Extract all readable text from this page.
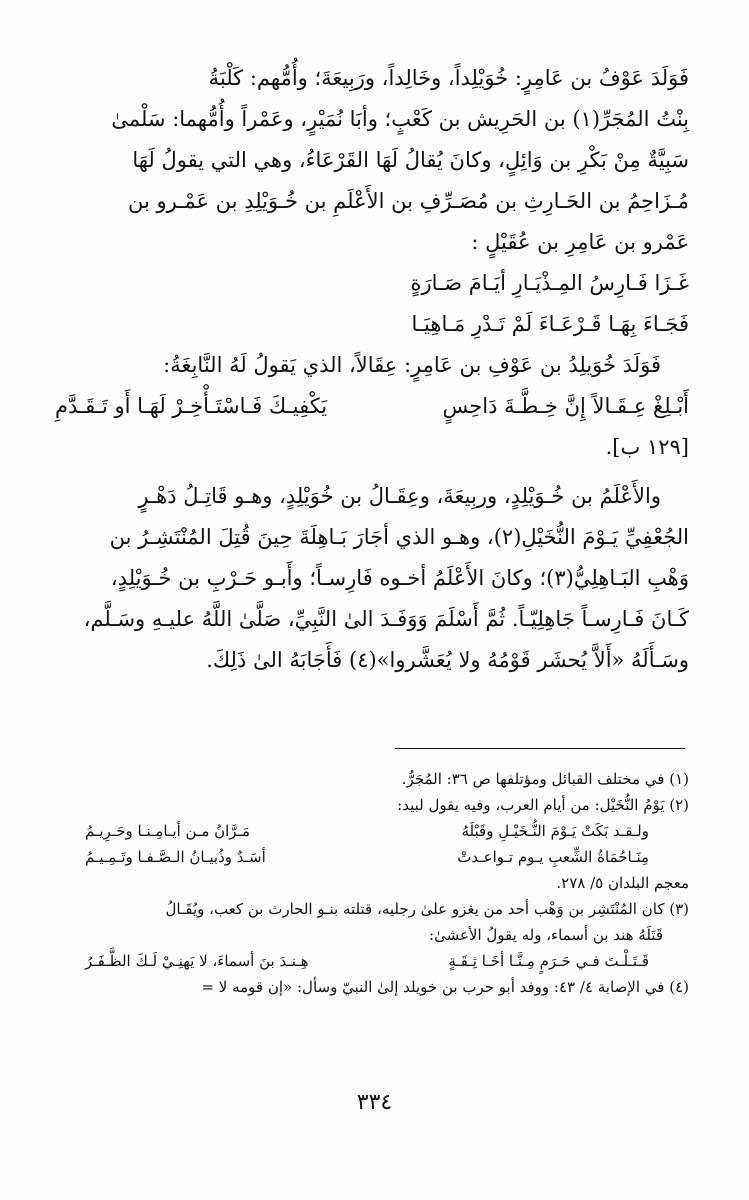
فَوَلَدَ عَوْفُ بن عَامِرٍ: خُوَيْلِداً، وخَالِداً، ورَبِيعَةَ؛ وأُمُّهم: كَلْبَةُ

بِنْتُ المُجَرِّ(١) بن الحَرِيش بن كَعْبٍ؛ وأبَا نُمَيْرٍ، وعَمْراً وأُمُّهما: سَلْمىٰ

سَبِيَّةٌ مِنْ بَكْرِ بن وَائِلٍ، وكانَ يُقالُ لَهَا القَرْعَاءُ، وهي التي يقولُ لَهَا

مُـزَاحِمُ بن الحَـارِثِ بن مُصَـرِّفِ بن الأَعْلَمِ بن خُـوَيْلِدِ بن عَمْـرو بن

عَمْرو بن عَامِرِ بن عُقَيْلٍ :

غَـزَا فَـارِسُ المِـذْيَـارِ أيَـامَ صَـارَةٍ

فَجَـاءَ بِهَـا قَـرْعَـاءَ لَمْ تَـدْرِ مَـاهِيَـا

فَوَلَدَ خُوَيلِدُ بن عَوْفِ بن عَامِرٍ: عِقَالاً، الذي يَقولُ لَهُ النَّابِغَةُ:

أَبْـلِغْ عِـقَـالاً إِنَّ خِـطَّـةَ دَاحِسٍ
يَكْفِيـكَ فَـاسْتَـأْخِـرْ لَهَـا أَو تَـقَـدَّمِ

[١٢٩ ب].

والأَعْلَمُ بن خُـوَيْلِدٍ، وربِيعَةَ، وعِقَـالُ بن خُوَيْلِدٍ، وهـو قَاتِـلُ دَهْـرٍ

الجُعْفِيِّ يَـوْمَ النُّخَيْلِ(٢)، وهـو الذي أجَارَ بَـاهِلَةَ حِينَ قُتِلَ المُنْتَشِـرُ بن

وَهْبِ البَـاهِلِيُّ(٣)؛ وكانَ الأَعْلَمُ أخـوه فَارِسـاً؛ وأَبـو حَـرْبِ بن خُـوَيْلِدٍ،

كَـانَ فَـارِسـاً جَاهِلِيّـاً. ثُمَّ أَسْلَمَ وَوَفَـدَ الىٰ النَّبِيِّ، صَلَّىٰ اللَّهُ عليـهِ وسَـلَّم،

وسَـأَلَهُ «أَلاَّ يُحشَر قَوْمُهُ ولا يُعَشَّروا»(٤) فَأَجَابَهُ الىٰ ذَلِكَ.

(١) في مختلف القبائل ومؤتلفها ص ٣٦: المُجَرُّ.

(٢) يَوْمُ النُّخَيْل: من أيام العرب، وفيه يقول لبيد:

ولـقـد بَكَتْ يَـوْمَ النُّـخَيْـلِ وقَبْلَهُ
مَـرَّانُ مـن أيـامِـنـا وحَـرِيـمُ
مِنَـاحُمَاةُ الشِّعبِ يـوم تـواعـدتْ
أسَـدٌ وذُبيـانُ الـصَّـفـا وتَـمِـيـمُ

معجم البلدان ٥/ ٢٧٨.

(٣) كان المُنْتَشِر بن وَهْب أحد من يغزو علىٰ رجليه، قتلته بنـو الحارث بن كعب، ويُقَـالُ

قَتَلَهُ هند بن أسماء، وله يقولُ الأعشىٰ:

قَـتَـلْـتَ فـي حَـرَمٍ مِـنَّـا أخَـا ثِـقَـةٍ
هِـنـدَ بنَ أسماءَ، لا يَهنِـيْ لَـكَ الظَّـفَـرُ

(٤) في الإصابة ٤/ ٤٣: ووفد أبو حرب بن خويلد إلىٰ النبيّ وسأل: «إن قومه لا =

٣٣٤
